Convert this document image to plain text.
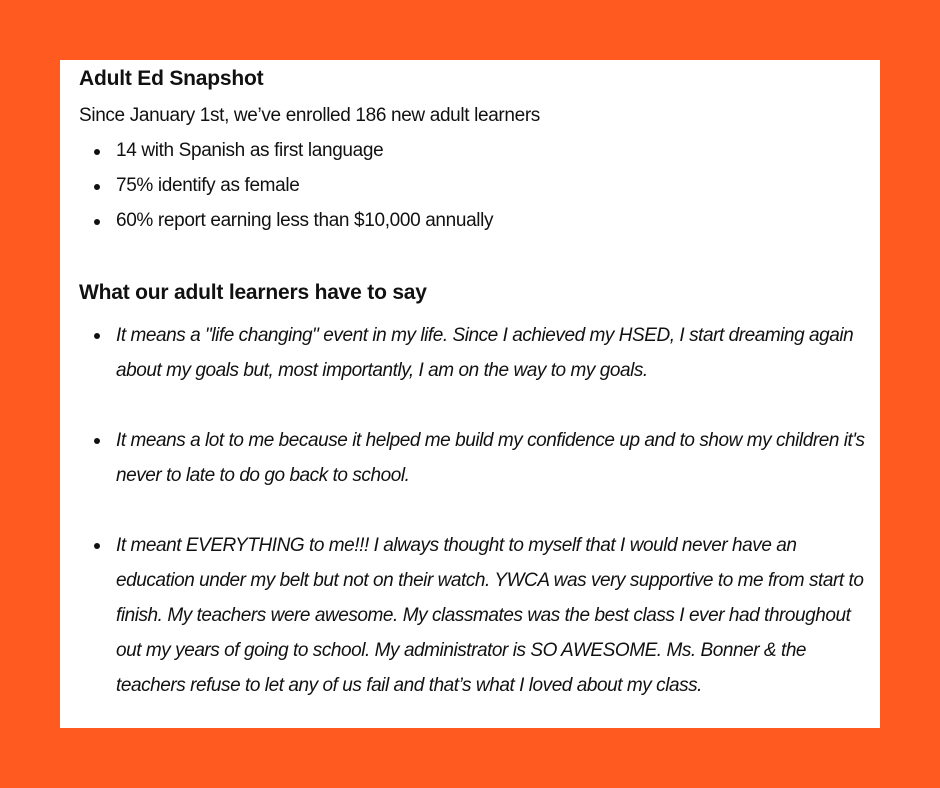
Adult Ed Snapshot

Since January 1st, we’ve enrolled 186 new adult learners

14 with Spanish as first language
75% identify as female
60% report earning less than $10,000 annually
What our adult learners have to say
It means a "life changing" event in my life. Since I achieved my HSED, I start dreaming again about my goals but, most importantly, I am on the way to my goals.
It means a lot to me because it helped me build my confidence up and to show my children it's never to late to do go back to school.
It meant EVERYTHING to me!!! I always thought to myself that I would never have an education under my belt but not on their watch. YWCA was very supportive to me from start to finish. My teachers were awesome. My classmates was the best class I ever had throughout out my years of going to school. My administrator is SO AWESOME. Ms. Bonner & the teachers refuse to let any of us fail and that’s what I loved about my class.
